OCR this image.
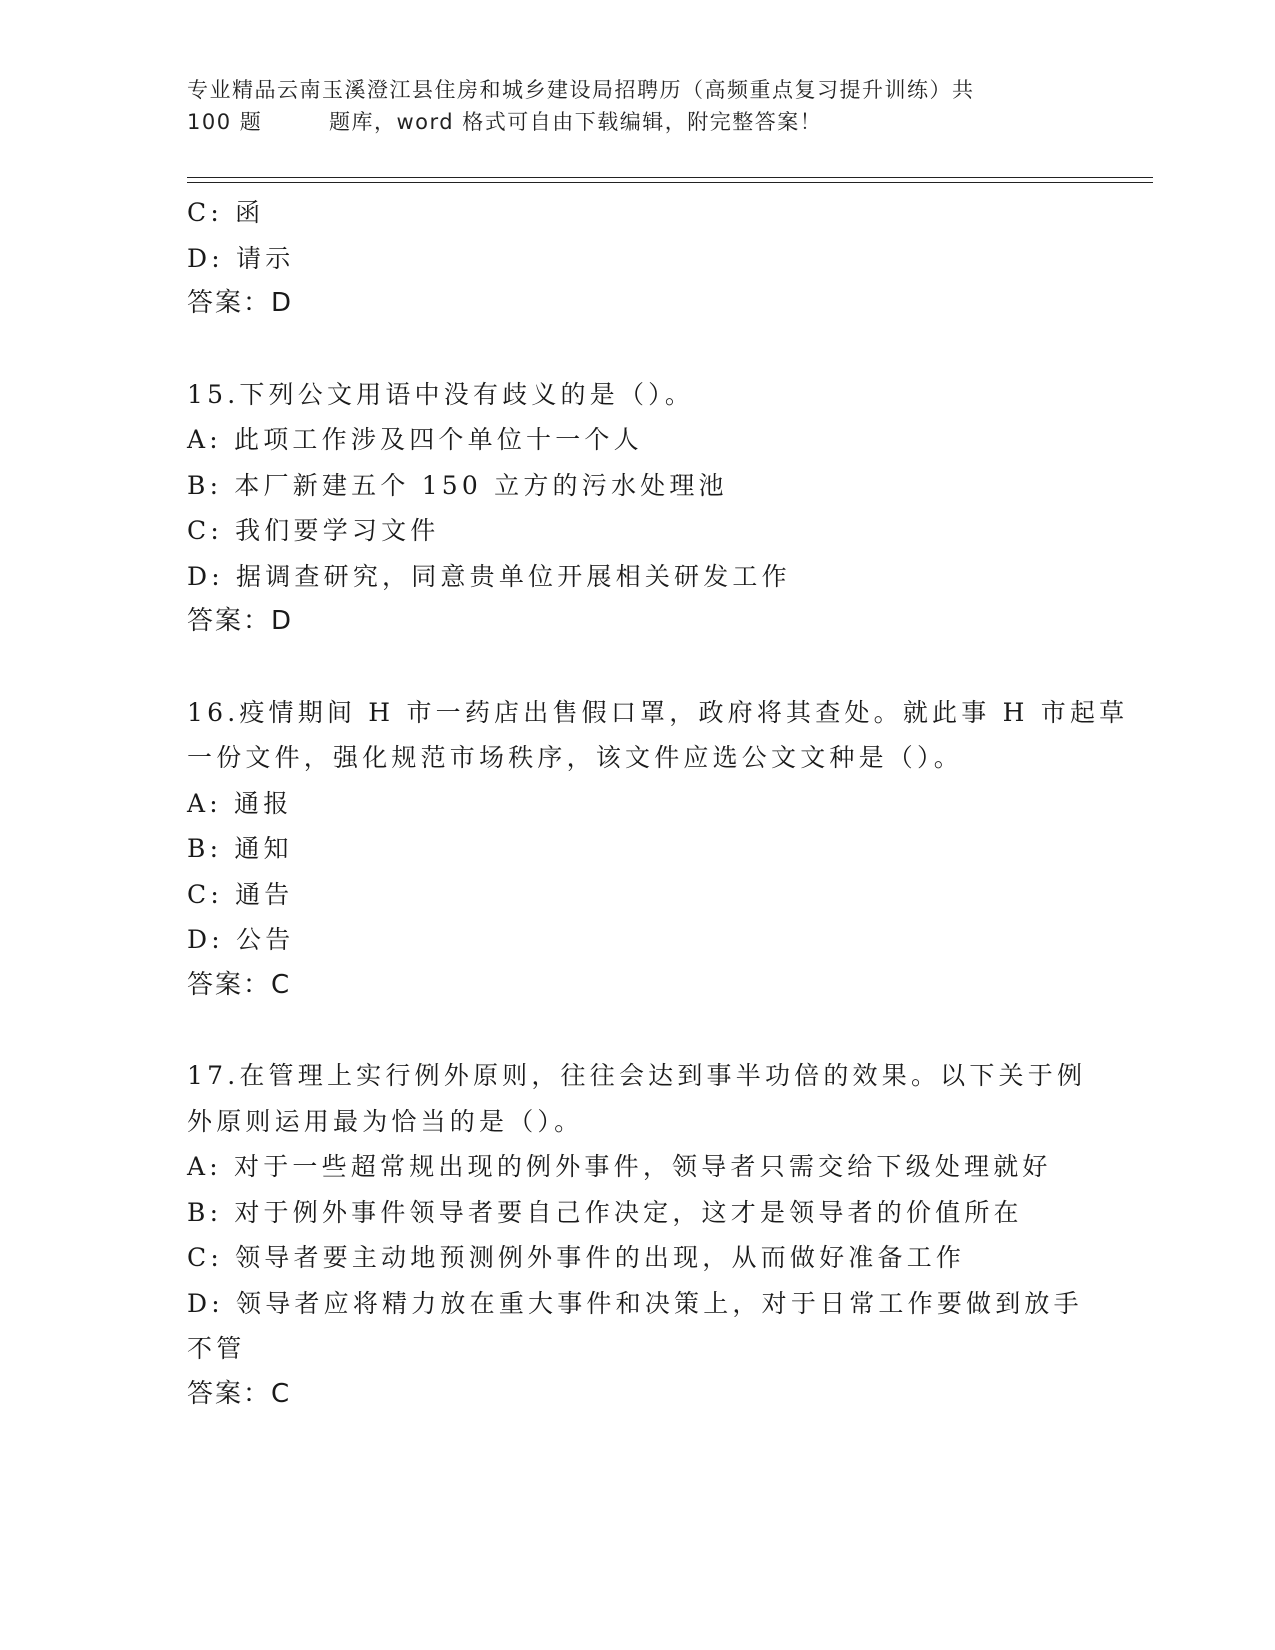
专业精品云南玉溪澄江县住房和城乡建设局招聘历（高频重点复习提升训练）共
100 题	题库，word 格式可自由下载编辑，附完整答案！
C: 函
D: 请示
答案：D
15.下列公文用语中没有歧义的是（）。
A: 此项工作涉及四个单位十一个人
B: 本厂新建五个 150 立方的污水处理池
C: 我们要学习文件
D: 据调查研究，同意贵单位开展相关研发工作
答案：D
16.疫情期间 H 市一药店出售假口罩，政府将其查处。就此事 H 市起草
一份文件，强化规范市场秩序，该文件应选公文文种是（）。
A: 通报
B: 通知
C: 通告
D: 公告
答案：C
17.在管理上实行例外原则，往往会达到事半功倍的效果。以下关于例
外原则运用最为恰当的是（）。
A: 对于一些超常规出现的例外事件，领导者只需交给下级处理就好
B: 对于例外事件领导者要自己作决定，这才是领导者的价值所在
C: 领导者要主动地预测例外事件的出现，从而做好准备工作
D: 领导者应将精力放在重大事件和决策上，对于日常工作要做到放手
不管
答案：C
